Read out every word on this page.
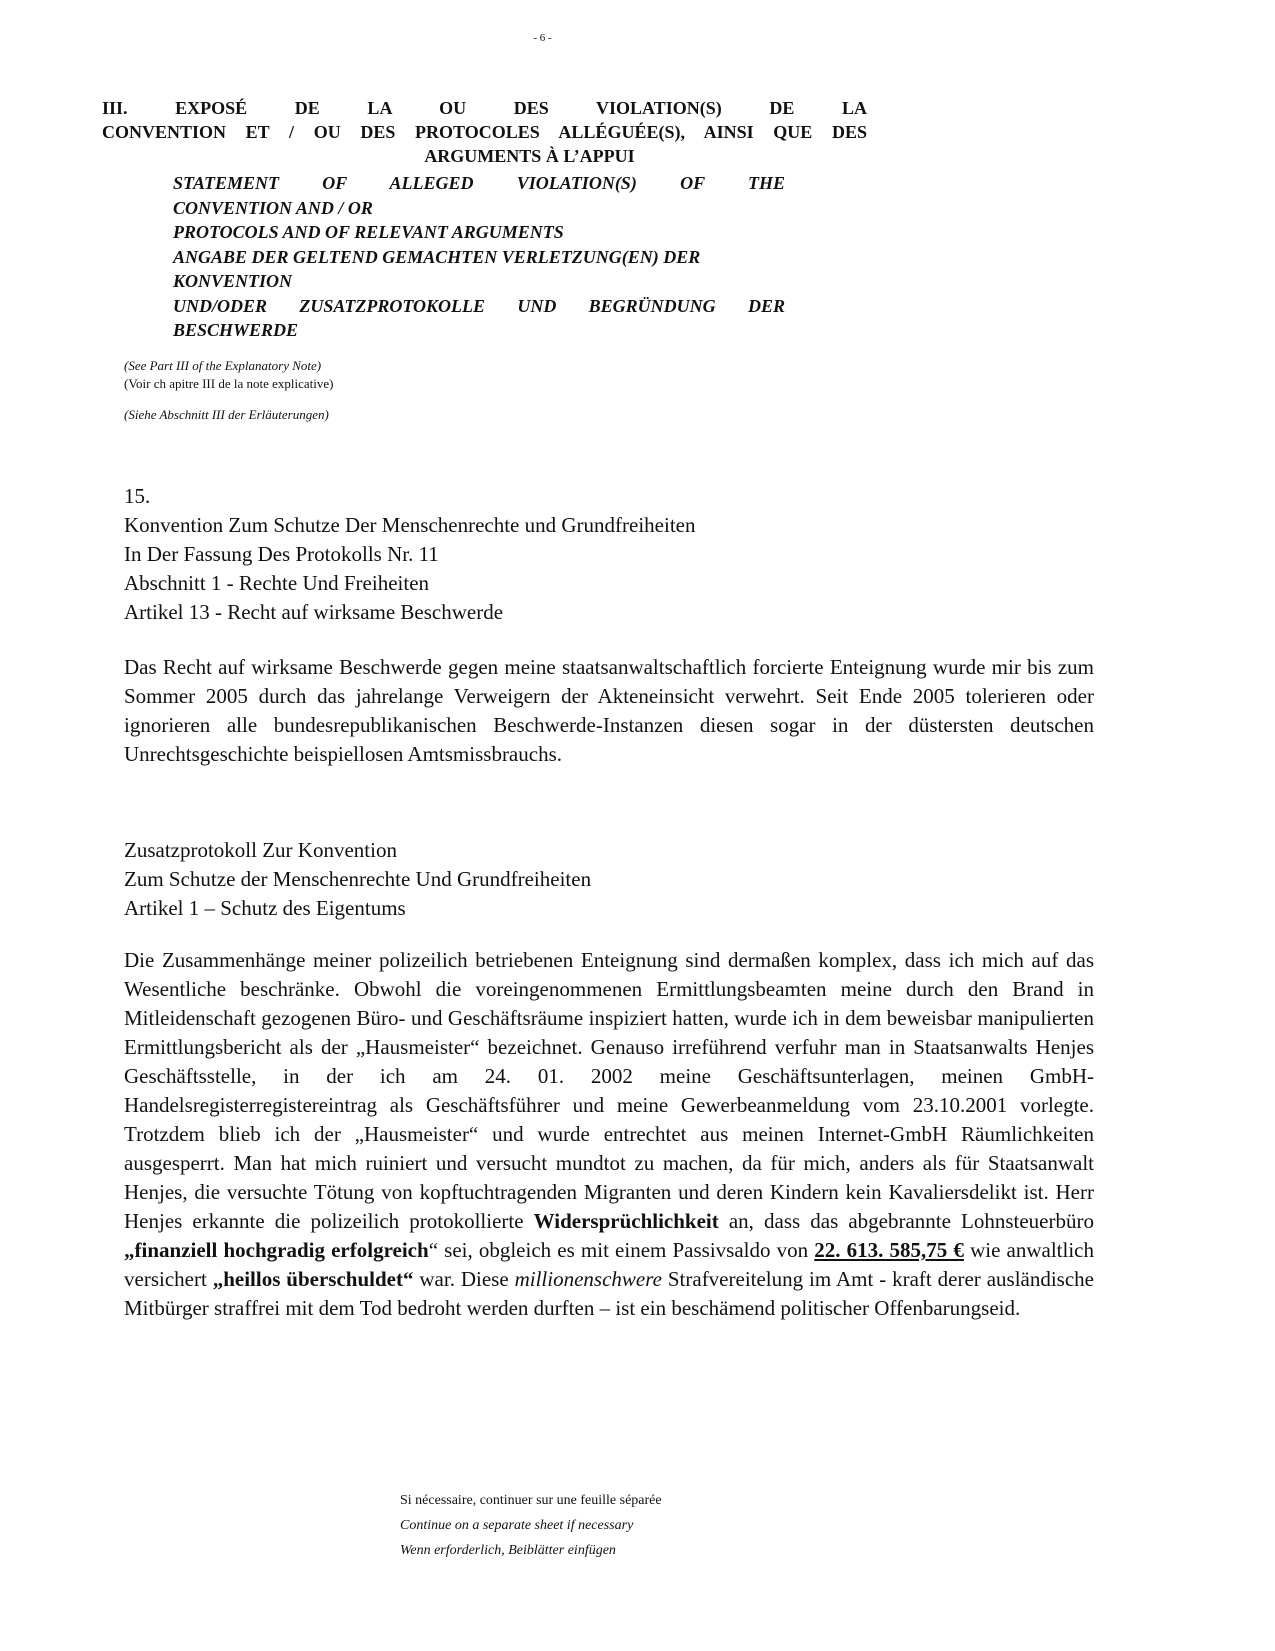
- 6 -
III. EXPOSÉ DE LA OU DES VIOLATION(S) DE LA
CONVENTION ET / OU DES PROTOCOLES ALLÉGUÉE(S), AINSI QUE DES
ARGUMENTS À L’APPUI
STATEMENT OF ALLEGED VIOLATION(S) OF THE
CONVENTION AND / OR
PROTOCOLS AND OF RELEVANT ARGUMENTS
ANGABE DER GELTEND GEMACHTEN VERLETZUNG(EN) DER
KONVENTION
UND/ODER ZUSATZPROTOKOLLE UND BEGRÜNDUNG DER
BESCHWERDE
(See Part III of the Explanatory Note)
(Voir ch apitre III de la note explicative)
(Siehe Abschnitt III der Erläuterungen)
15.
Konvention Zum Schutze Der Menschenrechte und Grundfreiheiten
In Der Fassung Des Protokolls Nr. 11
Abschnitt 1 - Rechte Und Freiheiten
Artikel 13 - Recht auf wirksame Beschwerde
Das Recht auf wirksame Beschwerde gegen meine staatsanwaltschaftlich forcierte Enteignung wurde mir bis zum Sommer 2005 durch das jahrelange Verweigern der Akteneinsicht verwehrt. Seit Ende 2005 tolerieren oder ignorieren alle bundesrepublikanischen Beschwerde-Instanzen diesen sogar in der düstersten deutschen Unrechtsgeschichte beispiellosen Amtsmissbrauchs.
Zusatzprotokoll Zur Konvention
Zum Schutze der Menschenrechte Und Grundfreiheiten
Artikel 1 – Schutz des Eigentums
Die Zusammenhänge meiner polizeilich betriebenen Enteignung sind dermaßen komplex, dass ich mich auf das Wesentliche beschränke. Obwohl die voreingenommenen Ermittlungsbeamten meine durch den Brand in Mitleidenschaft gezogenen Büro- und Geschäftsräume inspiziert hatten, wurde ich in dem beweisbar manipulierten Ermittlungsbericht als der „Hausmeister“ bezeichnet. Genauso irreführend verfuhr man in Staatsanwalts Henjes Geschäftsstelle, in der ich am 24. 01. 2002 meine Geschäftsunterlagen, meinen GmbH-Handelsregisterregistereintrag als Geschäftsführer und meine Gewerbeanmeldung vom 23.10.2001 vorlegte. Trotzdem blieb ich der „Hausmeister“ und wurde entrechtet aus meinen Internet-GmbH Räumlichkeiten ausgesperrt. Man hat mich ruiniert und versucht mundtot zu machen, da für mich, anders als für Staatsanwalt Henjes, die versuchte Tötung von kopftuchtragenden Migranten und deren Kindern kein Kavaliersdelikt ist. Herr Henjes erkannte die polizeilich protokollierte Widersprüchlichkeit an, dass das abgebrannte Lohnsteuerbüro „finanziell hochgradig erfolgreich“ sei, obgleich es mit einem Passivsaldo von 22. 613. 585,75 € wie anwaltlich versichert „heillos überschuldet“ war. Diese millionenschwere Strafvereitelung im Amt - kraft derer ausländische Mitbürger straffrei mit dem Tod bedroht werden durften – ist ein beschämend politischer Offenbarungseid.
Si nécessaire, continuer sur une feuille séparée
Continue on a separate sheet if necessary
Wenn erforderlich, Beiblätter einfügen
